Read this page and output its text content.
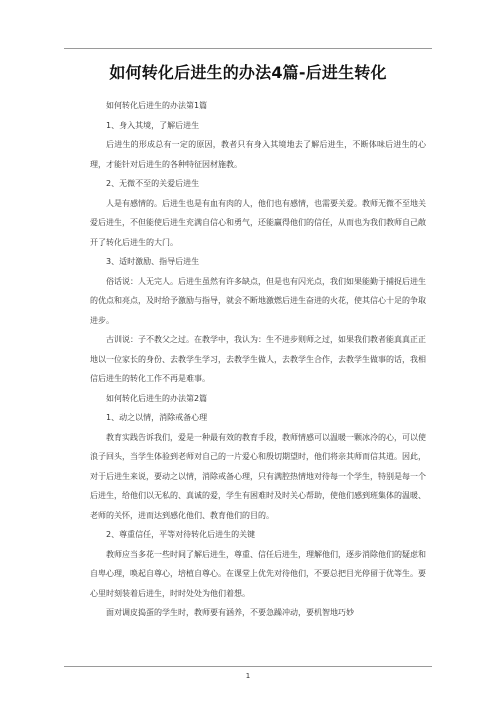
如何转化后进生的办法4篇-后进生转化

如何转化后进生的办法第1篇

1、身入其境，了解后进生

后进生的形成总有一定的原因，教者只有身入其境地去了解后进生，不断体味后进生的心理，才能针对后进生的各种特征因材施教。

2、无微不至的关爱后进生

人是有感情的。后进生也是有血有肉的人，他们也有感情，也需要关爱。教师无微不至地关爱后进生，不但能使后进生充满自信心和勇气，还能赢得他们的信任，从而也为我们教师自己敞开了转化后进生的大门。

3、适时激励、指导后进生

俗话说：人无完人。后进生虽然有许多缺点，但是也有闪光点，我们如果能勤于捕捉后进生的优点和亮点，及时给予激励与指导，就会不断地激燃后进生奋进的火花，使其信心十足的争取进步。

古训说：子不教父之过。在教学中，我认为：生不进步则师之过，如果我们教者能真真正正地以一位家长的身份、去教学生学习，去教学生做人，去教学生合作，去教学生做事的话，我相信后进生的转化工作不再是难事。

如何转化后进生的办法第2篇

1、动之以情，消除戒备心理

教育实践告诉我们，爱是一种最有效的教育手段，教师情感可以温暖一颗冰冷的心，可以使浪子回头，当学生体验到老师对自己的一片爱心和殷切期望时，他们将亲其师而信其道。因此，对于后进生来说，要动之以情，消除戒备心理，只有满腔热情地对待每一个学生，特别是每一个后进生，给他们以无私的、真诚的爱，学生有困难时及时关心帮助，使他们感到班集体的温暖、老师的关怀，进而达到感化他们、教育他们的目的。

2、尊重信任，平等对待转化后进生的关键

教师应当多花一些时间了解后进生，尊重、信任后进生，理解他们，逐步消除他们的疑虑和自卑心理，唤起自尊心，培植自尊心。在课堂上优先对待他们，不要总把目光停留于优等生。要心里时刻装着后进生，时时处处为他们着想。

面对调皮捣蛋的学生时，教师要有涵养，不要急躁冲动，要机智地巧妙

1
